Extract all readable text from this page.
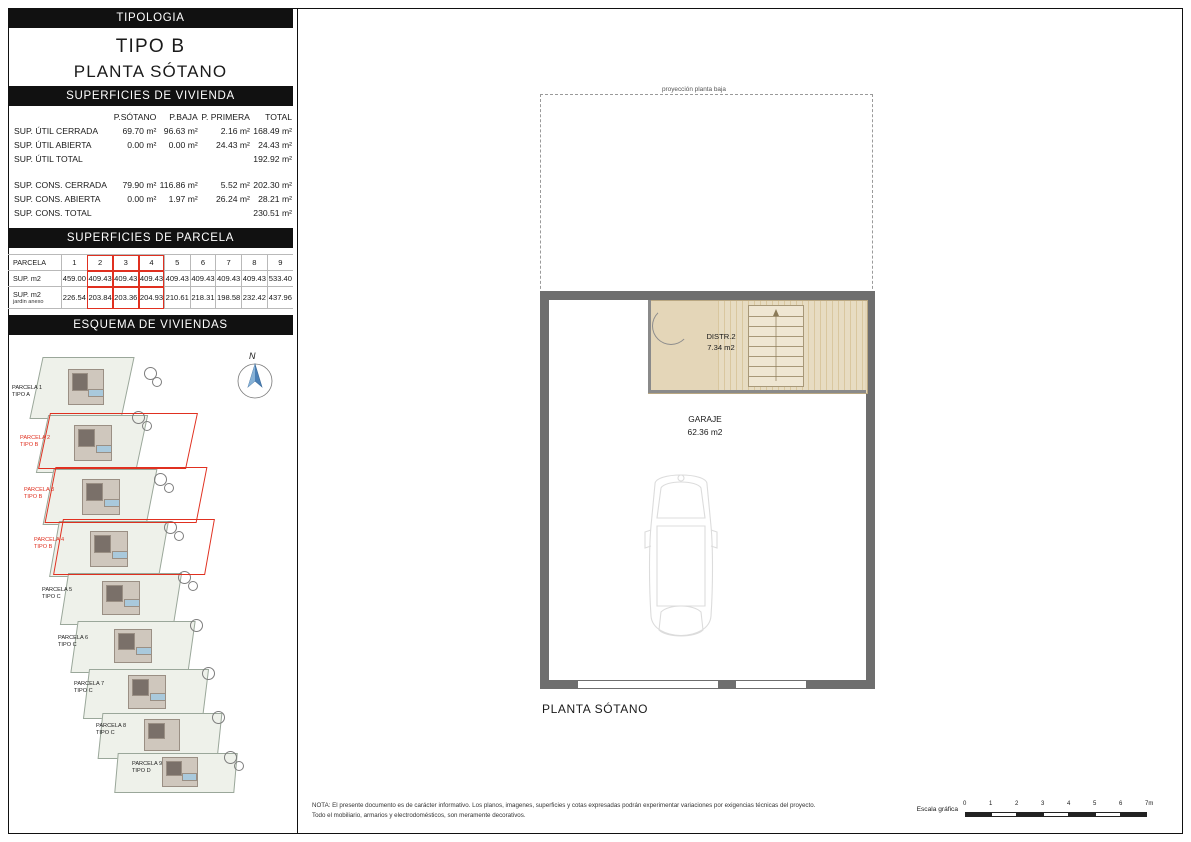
TIPOLOGIA
TIPO B
PLANTA SÓTANO
SUPERFICIES DE VIVIENDA
	P.SÓTANO	P.BAJA	P. PRIMERA	TOTAL
SUP. ÚTIL CERRADA	69.70 m²	96.63 m²	2.16 m²	168.49 m²
SUP. ÚTIL ABIERTA	0.00 m²	0.00 m²	24.43 m²	24.43 m²
SUP. ÚTIL TOTAL				192.92 m²

SUP. CONS. CERRADA	79.90 m²	116.86 m²	5.52 m²	202.30 m²
SUP. CONS. ABIERTA	0.00 m²	1.97 m²	26.24 m²	28.21 m²
SUP. CONS. TOTAL				230.51 m²
SUPERFICIES DE PARCELA
PARCELA	1	2	3	4	5	6	7	8	9
SUP. m2	459.00	409.43	409.43	409.43	409.43	409.43	409.43	409.43	533.40
SUP. m2
jardin anexo	226.54	203.84	203.36	204.93	210.61	218.31	198.58	232.42	437.96
ESQUEMA DE VIVIENDAS
N
PARCELA 1
TIPO A
PARCELA 2
TIPO B
PARCELA 3
TIPO B
PARCELA 4
TIPO B
PARCELA 5
TIPO C
PARCELA 6
TIPO C
PARCELA 7
TIPO C
PARCELA 8
TIPO C
PARCELA 9
TIPO D
proyección planta baja
DISTR.2
7.34 m2
GARAJE
62.36 m2
PLANTA SÓTANO
NOTA: El presente documento es de carácter informativo. Los planos, imagenes, superficies y cotas expresadas podrán experimentar variaciones por exigencias técnicas del proyecto.
Todo el mobiliario, armarios y electrodomésticos, son meramente decorativos.
Escala gráfica
0	1	2	3	4	5	6	7m
